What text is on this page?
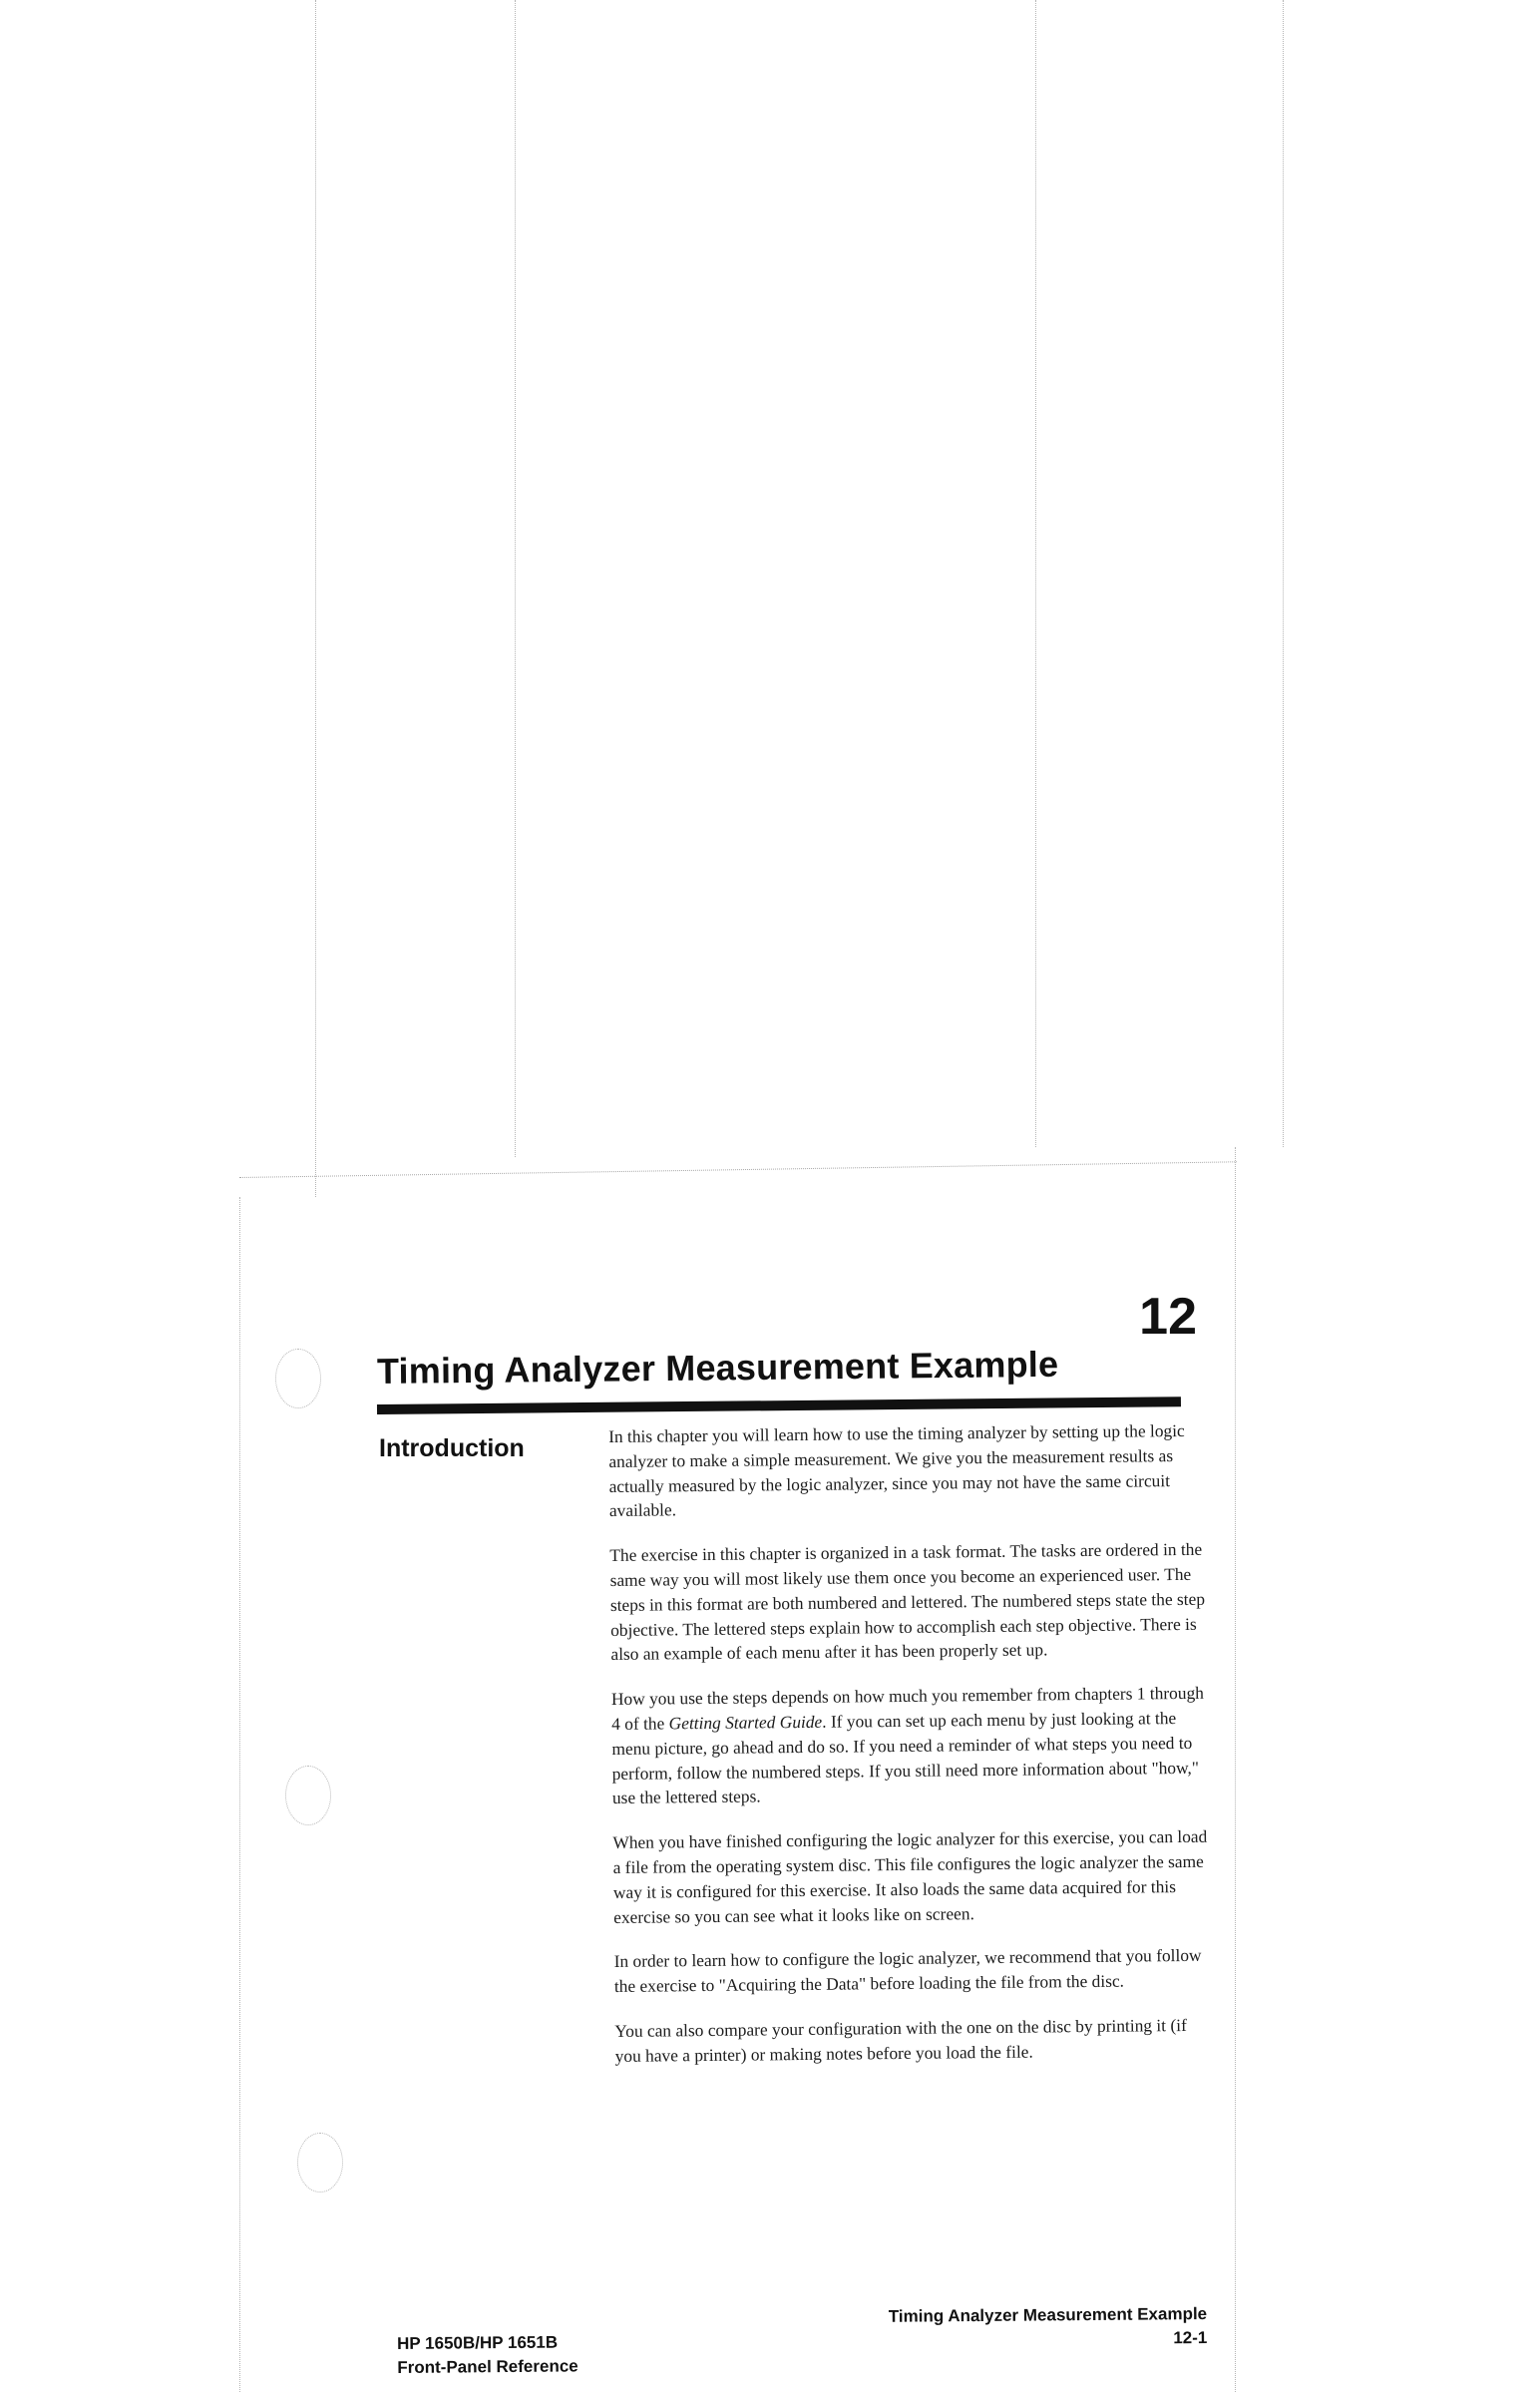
12
Timing Analyzer Measurement Example
Introduction

In this chapter you will learn how to use the timing analyzer by setting up the logic analyzer to make a simple measurement. We give you the measurement results as actually measured by the logic analyzer, since you may not have the same circuit available.

The exercise in this chapter is organized in a task format. The tasks are ordered in the same way you will most likely use them once you become an experienced user. The steps in this format are both numbered and lettered. The numbered steps state the step objective. The lettered steps explain how to accomplish each step objective. There is also an example of each menu after it has been properly set up.

How you use the steps depends on how much you remember from chapters 1 through 4 of the Getting Started Guide. If you can set up each menu by just looking at the menu picture, go ahead and do so. If you need a reminder of what steps you need to perform, follow the numbered steps. If you still need more information about "how," use the lettered steps.

When you have finished configuring the logic analyzer for this exercise, you can load a file from the operating system disc. This file configures the logic analyzer the same way it is configured for this exercise. It also loads the same data acquired for this exercise so you can see what it looks like on screen.

In order to learn how to configure the logic analyzer, we recommend that you follow the exercise to "Acquiring the Data" before loading the file from the disc.

You can also compare your configuration with the one on the disc by printing it (if you have a printer) or making notes before you load the file.

HP 1650B/HP 1651B
Front-Panel Reference
Timing Analyzer Measurement Example
12-1
